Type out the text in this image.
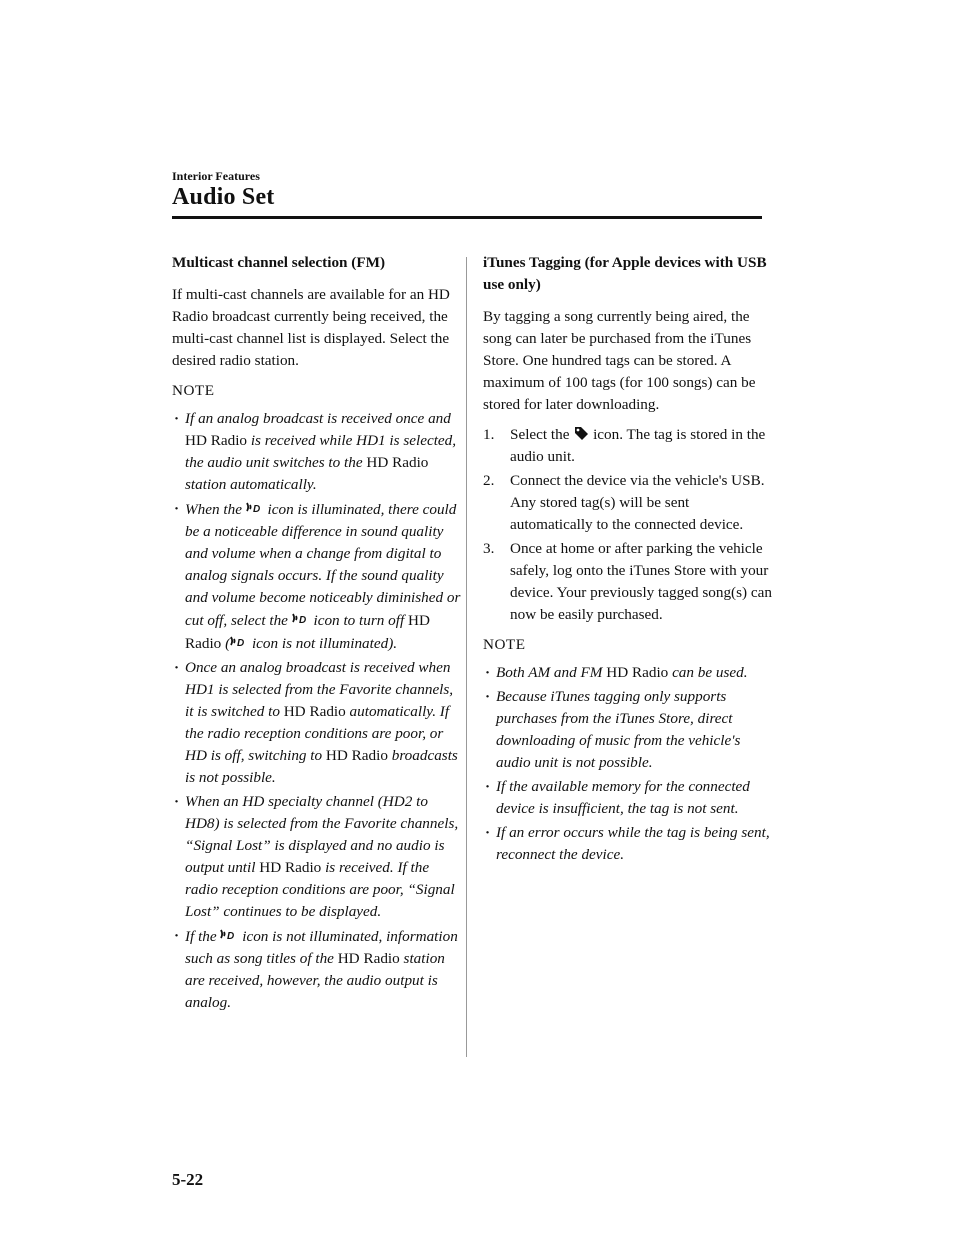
Interior Features
Audio Set
Multicast channel selection (FM)

If multi-cast channels are available for an HD Radio broadcast currently being received, the multi-cast channel list is displayed. Select the desired radio station.

NOTE
· If an analog broadcast is received once and HD Radio is received while HD1 is selected, the audio unit switches to the HD Radio station automatically.
· When the D icon is illuminated, there could be a noticeable difference in sound quality and volume when a change from digital to analog signals occurs. If the sound quality and volume become noticeably diminished or cut off, select the D icon to turn off HD Radio ( D icon is not illuminated).
· Once an analog broadcast is received when HD1 is selected from the Favorite channels, it is switched to HD Radio automatically. If the radio reception conditions are poor, or HD is off, switching to HD Radio broadcasts is not possible.
· When an HD specialty channel (HD2 to HD8) is selected from the Favorite channels, “Signal Lost” is displayed and no audio is output until HD Radio is received. If the radio reception conditions are poor, “Signal Lost” continues to be displayed.
· If the D icon is not illuminated, information such as song titles of the HD Radio station are received, however, the audio output is analog.
iTunes Tagging (for Apple devices with USB use only)

By tagging a song currently being aired, the song can later be purchased from the iTunes Store. One hundred tags can be stored. A maximum of 100 tags (for 100 songs) can be stored for later downloading.

1. Select the
icon. The tag is stored in the audio unit.
2. Connect the device via the vehicle's USB. Any stored tag(s) will be sent automatically to the connected device.
3. Once at home or after parking the vehicle safely, log onto the iTunes Store with your device. Your previously tagged song(s) can now be easily purchased.
NOTE
· Both AM and FM HD Radio can be used.
· Because iTunes tagging only supports purchases from the iTunes Store, direct downloading of music from the vehicle's audio unit is not possible.
· If the available memory for the connected device is insufficient, the tag is not sent.
· If an error occurs while the tag is being sent, reconnect the device.
5-22
